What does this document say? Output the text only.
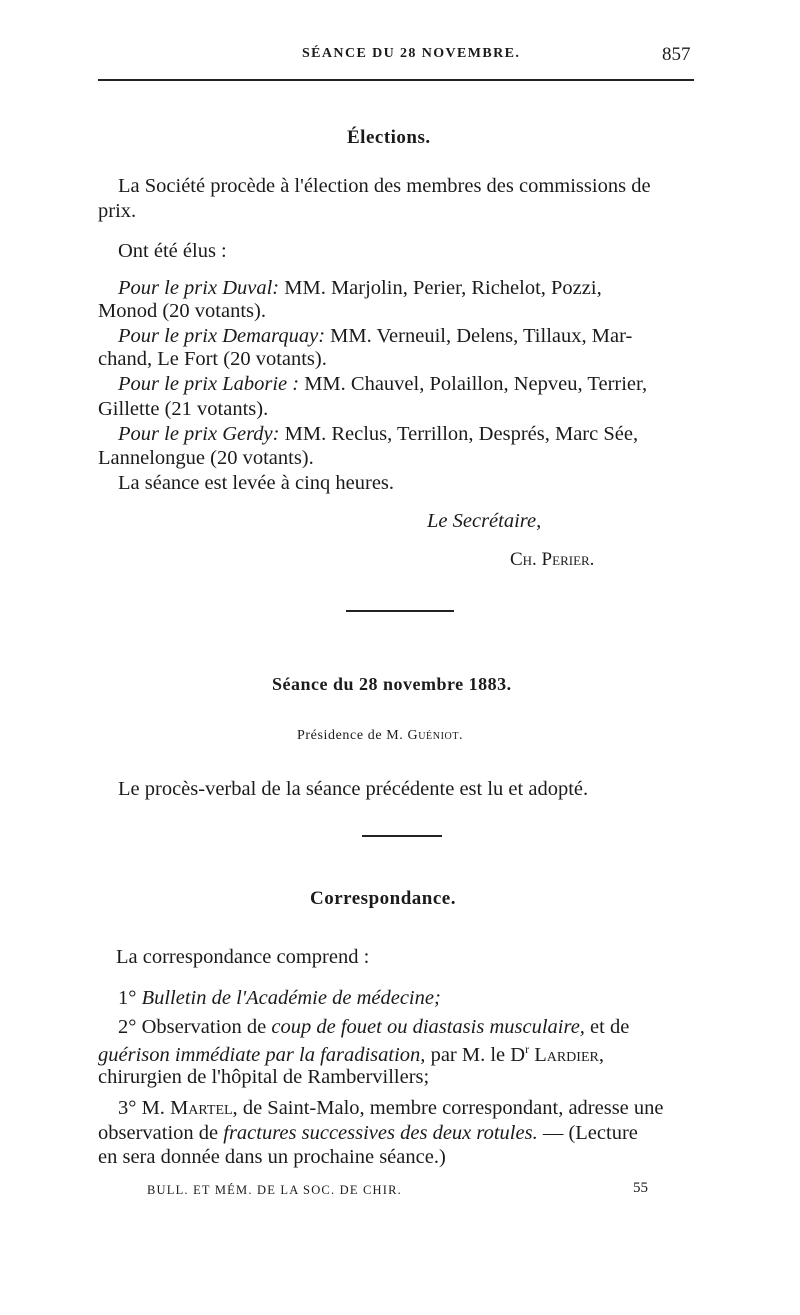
SÉANCE DU 28 NOVEMBRE.	857
Élections.
La Société procède à l'élection des membres des commissions de
prix.
Ont été élus :
Pour le prix Duval: MM. Marjolin, Perier, Richelot, Pozzi,
Monod (20 votants).
Pour le prix Demarquay: MM. Verneuil, Delens, Tillaux, Mar-
chand, Le Fort (20 votants).
Pour le prix Laborie : MM. Chauvel, Polaillon, Nepveu, Terrier,
Gillette (21 votants).
Pour le prix Gerdy: MM. Reclus, Terrillon, Després, Marc Sée,
Lannelongue (20 votants).
La séance est levée à cinq heures.
Le Secrétaire,
Ch. Perier.
Séance du 28 novembre 1883.
Présidence de M. Guéniot.
Le procès-verbal de la séance précédente est lu et adopté.
Correspondance.
La correspondance comprend :
1° Bulletin de l'Académie de médecine;
2° Observation de coup de fouet ou diastasis musculaire, et de
guérison immédiate par la faradisation, par M. le $D^r$ Lardier,
chirurgien de l'hôpital de Rambervillers;
3° M. Martel, de Saint-Malo, membre correspondant, adresse une
observation de fractures successives des deux rotules. — (Lecture
en sera donnée dans un prochaine séance.)
BULL. ET MÉM. DE LA SOC. DE CHIR.	55
